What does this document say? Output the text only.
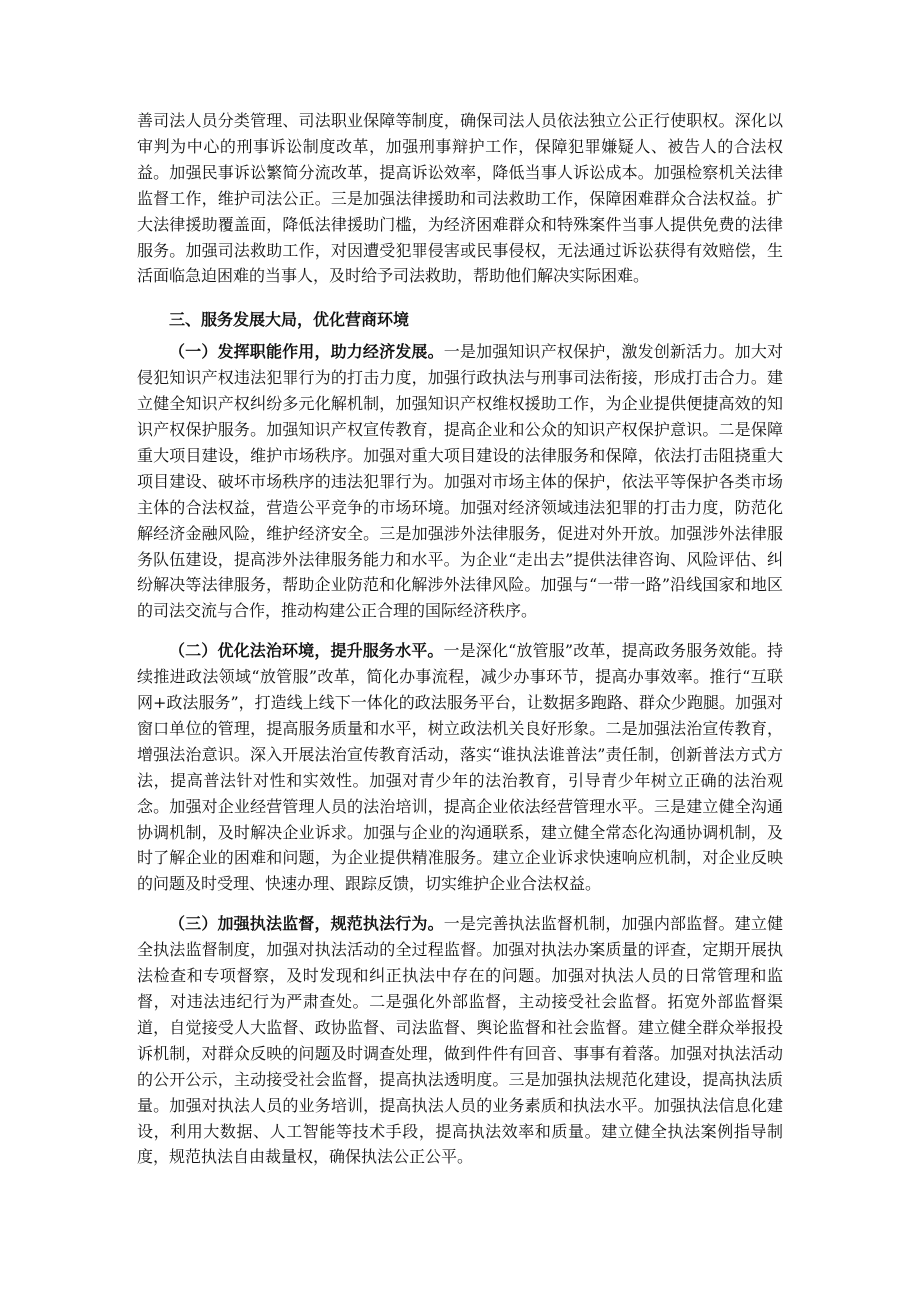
善司法人员分类管理、司法职业保障等制度，确保司法人员依法独立公正行使职权。深化以审判为中心的刑事诉讼制度改革，加强刑事辩护工作，保障犯罪嫌疑人、被告人的合法权益。加强民事诉讼繁简分流改革，提高诉讼效率，降低当事人诉讼成本。加强检察机关法律监督工作，维护司法公正。三是加强法律援助和司法救助工作，保障困难群众合法权益。扩大法律援助覆盖面，降低法律援助门槛，为经济困难群众和特殊案件当事人提供免费的法律服务。加强司法救助工作，对因遭受犯罪侵害或民事侵权，无法通过诉讼获得有效赔偿，生活面临急迫困难的当事人，及时给予司法救助，帮助他们解决实际困难。

三、服务发展大局，优化营商环境

（一）发挥职能作用，助力经济发展。一是加强知识产权保护，激发创新活力。加大对侵犯知识产权违法犯罪行为的打击力度，加强行政执法与刑事司法衔接，形成打击合力。建立健全知识产权纠纷多元化解机制，加强知识产权维权援助工作，为企业提供便捷高效的知识产权保护服务。加强知识产权宣传教育，提高企业和公众的知识产权保护意识。二是保障重大项目建设，维护市场秩序。加强对重大项目建设的法律服务和保障，依法打击阻挠重大项目建设、破坏市场秩序的违法犯罪行为。加强对市场主体的保护，依法平等保护各类市场主体的合法权益，营造公平竞争的市场环境。加强对经济领域违法犯罪的打击力度，防范化解经济金融风险，维护经济安全。三是加强涉外法律服务，促进对外开放。加强涉外法律服务队伍建设，提高涉外法律服务能力和水平。为企业“走出去”提供法律咨询、风险评估、纠纷解决等法律服务，帮助企业防范和化解涉外法律风险。加强与“一带一路”沿线国家和地区的司法交流与合作，推动构建公正合理的国际经济秩序。

（二）优化法治环境，提升服务水平。一是深化“放管服”改革，提高政务服务效能。持续推进政法领域“放管服”改革，简化办事流程，减少办事环节，提高办事效率。推行“互联网+政法服务”，打造线上线下一体化的政法服务平台，让数据多跑路、群众少跑腿。加强对窗口单位的管理，提高服务质量和水平，树立政法机关良好形象。二是加强法治宣传教育，增强法治意识。深入开展法治宣传教育活动，落实“谁执法谁普法”责任制，创新普法方式方法，提高普法针对性和实效性。加强对青少年的法治教育，引导青少年树立正确的法治观念。加强对企业经营管理人员的法治培训，提高企业依法经营管理水平。三是建立健全沟通协调机制，及时解决企业诉求。加强与企业的沟通联系，建立健全常态化沟通协调机制，及时了解企业的困难和问题，为企业提供精准服务。建立企业诉求快速响应机制，对企业反映的问题及时受理、快速办理、跟踪反馈，切实维护企业合法权益。

（三）加强执法监督，规范执法行为。一是完善执法监督机制，加强内部监督。建立健全执法监督制度，加强对执法活动的全过程监督。加强对执法办案质量的评查，定期开展执法检查和专项督察，及时发现和纠正执法中存在的问题。加强对执法人员的日常管理和监督，对违法违纪行为严肃查处。二是强化外部监督，主动接受社会监督。拓宽外部监督渠道，自觉接受人大监督、政协监督、司法监督、舆论监督和社会监督。建立健全群众举报投诉机制，对群众反映的问题及时调查处理，做到件件有回音、事事有着落。加强对执法活动的公开公示，主动接受社会监督，提高执法透明度。三是加强执法规范化建设，提高执法质量。加强对执法人员的业务培训，提高执法人员的业务素质和执法水平。加强执法信息化建设，利用大数据、人工智能等技术手段，提高执法效率和质量。建立健全执法案例指导制度，规范执法自由裁量权，确保执法公正公平。
